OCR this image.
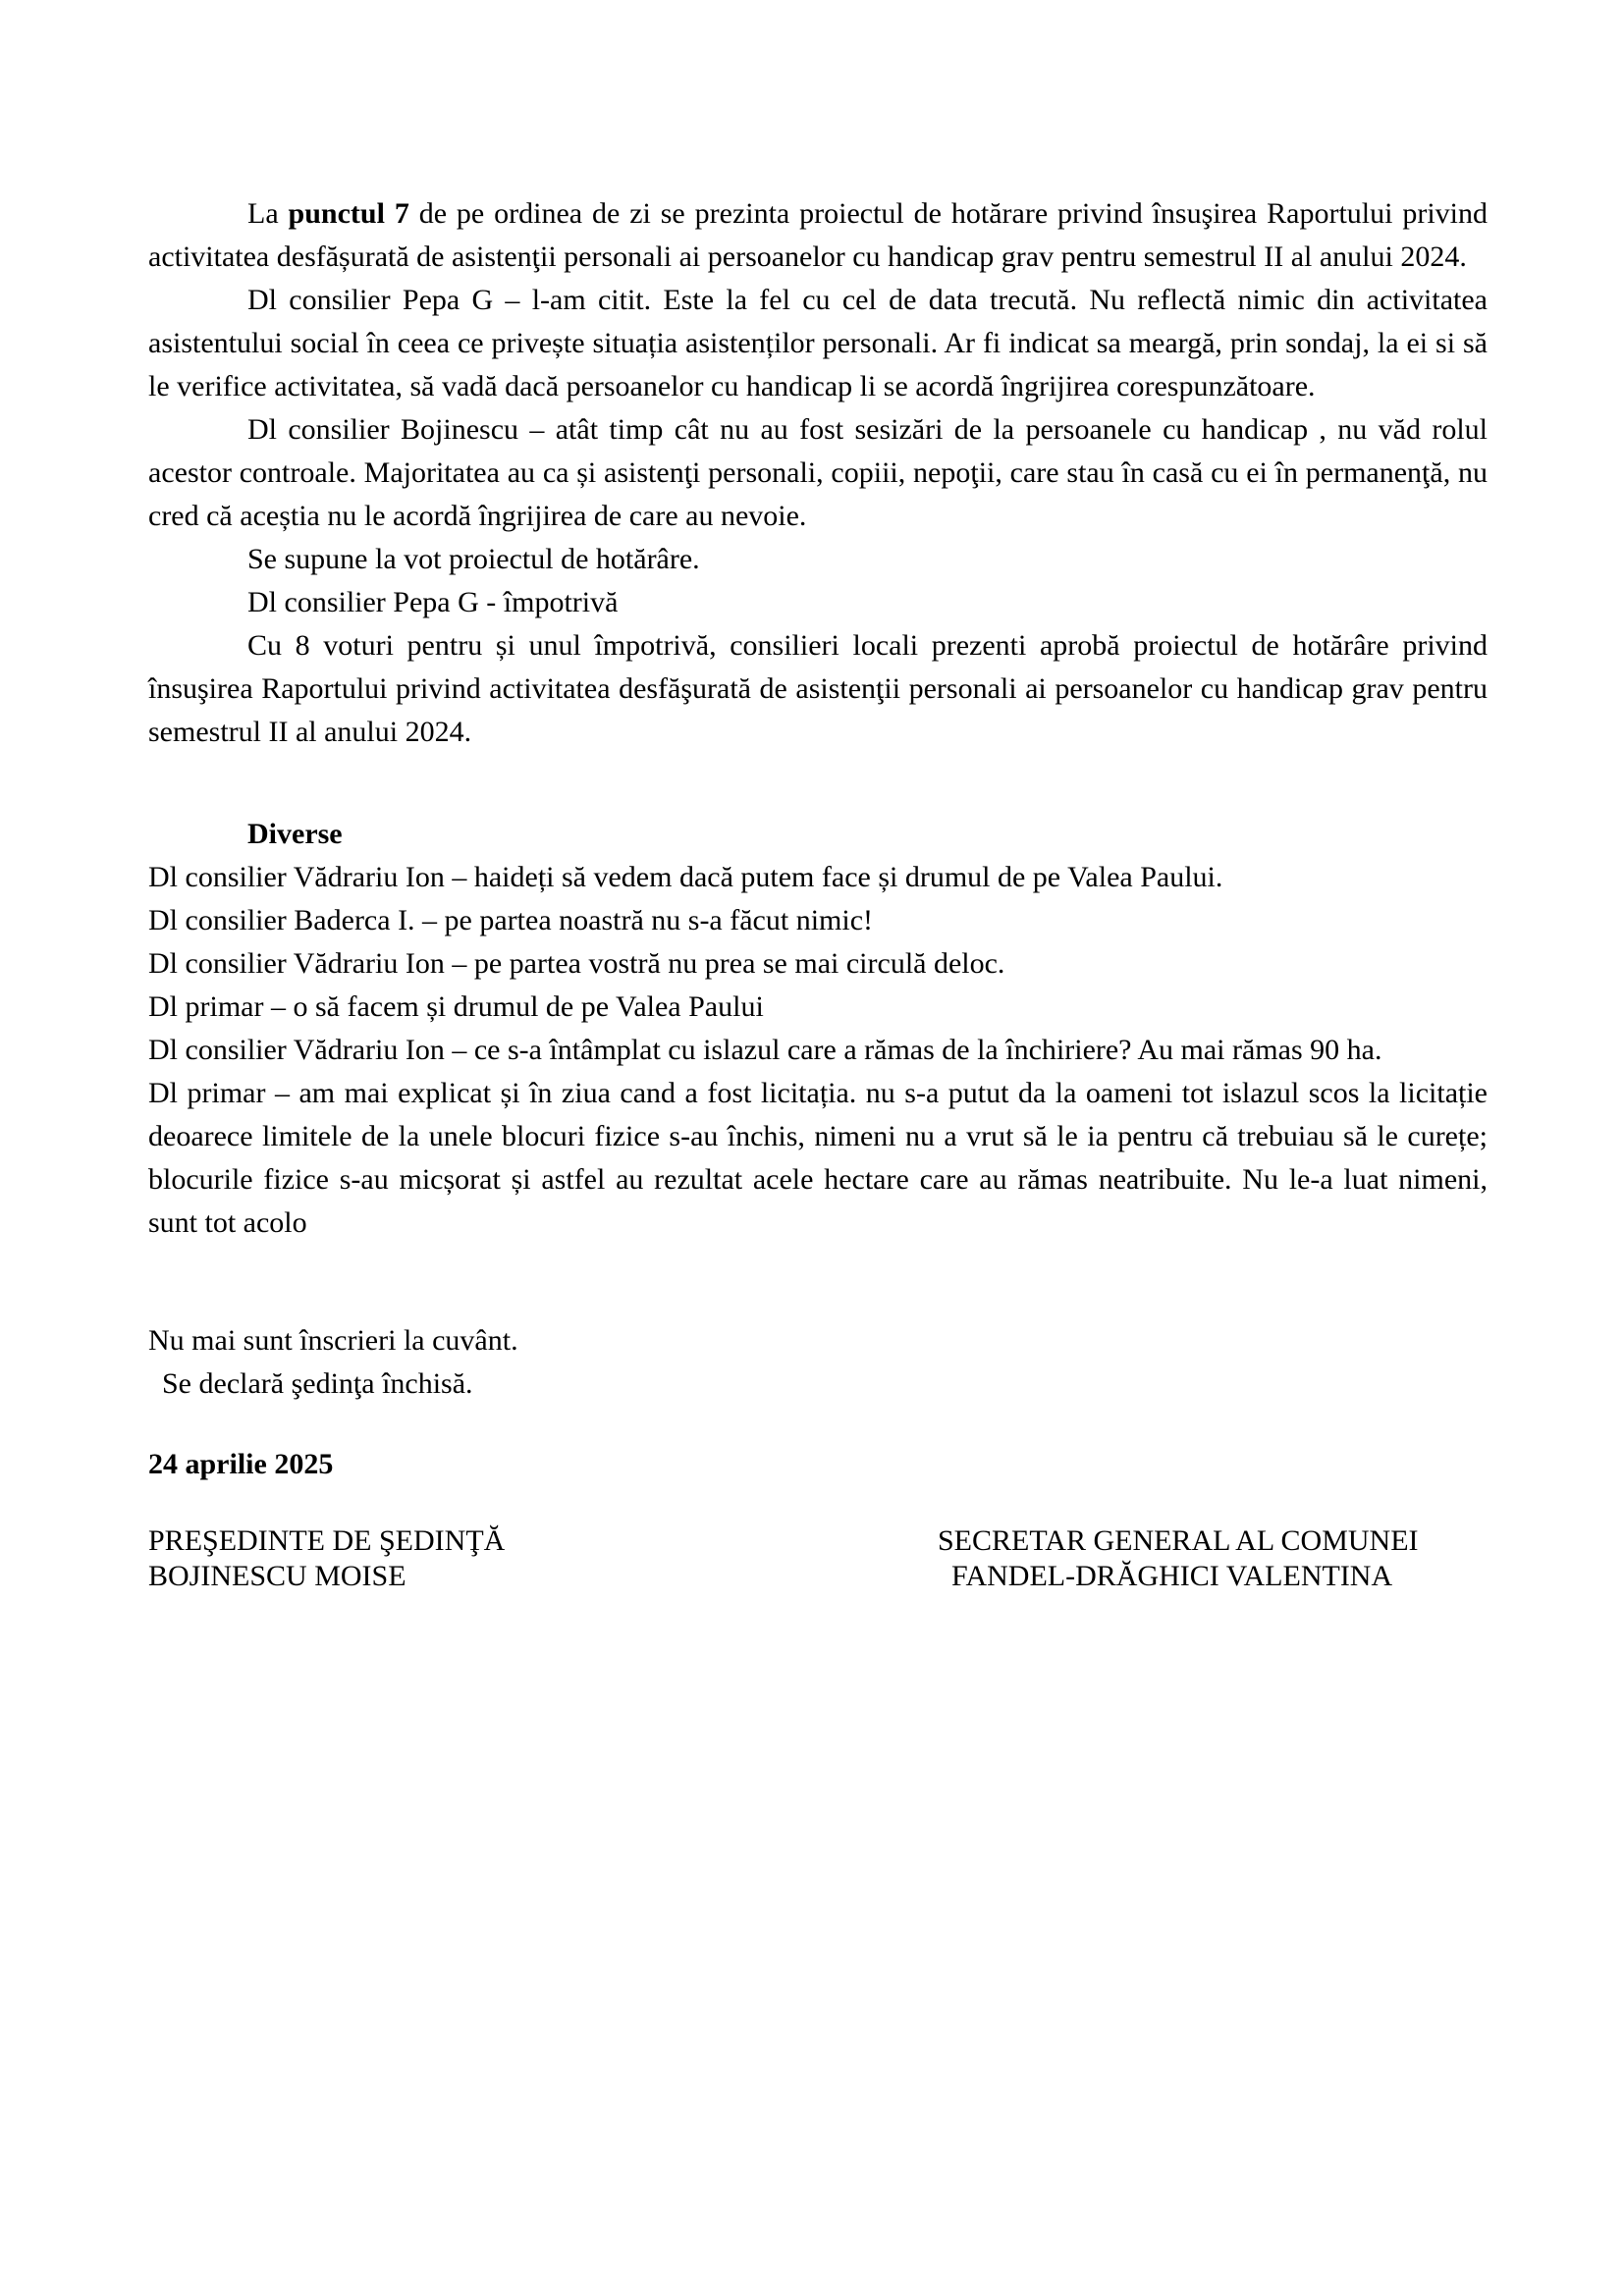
La punctul 7 de pe ordinea de zi se prezinta proiectul de hotărare privind însuşirea Raportului privind activitatea desfășurată de asistenţii personali ai persoanelor cu handicap grav pentru semestrul II al anului 2024.

Dl consilier Pepa G – l-am citit. Este la fel cu cel de data trecută. Nu reflectă nimic din activitatea asistentului social în ceea ce privește situația asistenților personali. Ar fi indicat sa meargă, prin sondaj, la ei si să le verifice activitatea, să vadă dacă persoanelor cu handicap li se acordă îngrijirea corespunzătoare.

Dl consilier Bojinescu – atât timp cât nu au fost sesizări de la persoanele cu handicap , nu văd rolul acestor controale. Majoritatea au ca și asistenţi personali, copiii, nepoţii, care stau în casă cu ei în permanenţă, nu cred că aceștia nu le acordă îngrijirea de care au nevoie.

Se supune la vot proiectul de hotărâre.

Dl consilier Pepa G - împotrivă

Cu 8 voturi pentru și unul împotrivă, consilieri locali prezenti aprobă proiectul de hotărâre privind însuşirea Raportului privind activitatea desfăşurată de asistenţii personali ai persoanelor cu handicap grav pentru semestrul II al anului 2024.

Diverse

Dl consilier Vădrariu Ion – haideți să vedem dacă putem face și drumul de pe Valea Paului.

Dl consilier Baderca I. – pe partea noastră nu s-a făcut nimic!

Dl consilier Vădrariu Ion – pe partea vostră nu prea se mai circulă deloc.

Dl primar – o să facem și drumul de pe Valea Paului

Dl consilier Vădrariu Ion – ce s-a întâmplat cu islazul care a rămas de la închiriere? Au mai rămas 90 ha.

Dl primar – am mai explicat și în ziua cand a fost licitația. nu s-a putut da la oameni tot islazul scos la licitație deoarece limitele de la unele blocuri fizice s-au închis, nimeni nu a vrut să le ia pentru că trebuiau să le curețe; blocurile fizice s-au micșorat și astfel au rezultat acele hectare care au rămas neatribuite. Nu le-a luat nimeni, sunt tot acolo

Nu mai sunt înscrieri la cuvânt.

Se declară şedinţa închisă.

24 aprilie 2025
PREŞEDINTE DE ŞEDINŢĂ
BOJINESCU MOISE
SECRETAR GENERAL AL COMUNEI
FANDEL-DRĂGHICI VALENTINA
